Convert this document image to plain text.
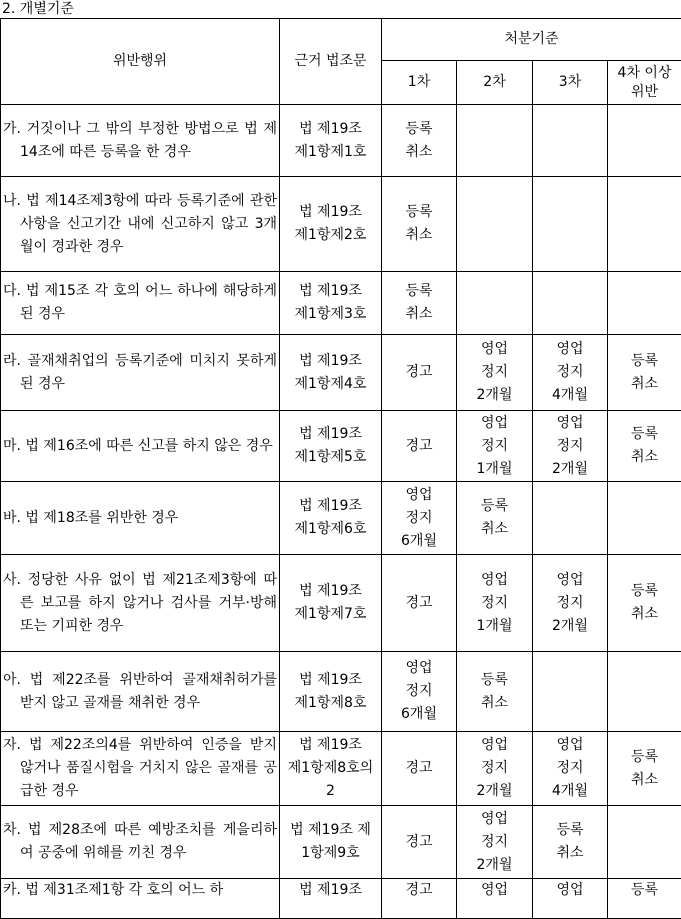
2. 개별기준
위반행위	근거 법조문	처분기준			
		1차	2차	3차	4차 이상
위반

가. 거짓이나 그 밖의 부정한 방법으로 법 제14조에 따른 등록을 한 경우	법 제19조
제1항제1호	등록
취소			

나. 법 제14조제3항에 따라 등록기준에 관한 사항을 신고기간 내에 신고하지 않고 3개월이 경과한 경우	법 제19조
제1항제2호	등록
취소			

다. 법 제15조 각 호의 어느 하나에 해당하게 된 경우	법 제19조
제1항제3호	등록
취소			

라. 골재채취업의 등록기준에 미치지 못하게 된 경우	법 제19조
제1항제4호	경고	영업
정지
2개월	영업
정지
4개월	등록
취소

마. 법 제16조에 따른 신고를 하지 않은 경우	법 제19조
제1항제5호	경고	영업
정지
1개월	영업
정지
2개월	등록
취소

바. 법 제18조를 위반한 경우	법 제19조
제1항제6호	영업
정지
6개월	등록
취소		

사. 정당한 사유 없이 법 제21조제3항에 따른 보고를 하지 않거나 검사를 거부·방해 또는 기피한 경우	법 제19조
제1항제7호	경고	영업
정지
1개월	영업
정지
2개월	등록
취소

아. 법 제22조를 위반하여 골재채취허가를 받지 않고 골재를 채취한 경우	법 제19조
제1항제8호	영업
정지
6개월	등록
취소		

자. 법 제22조의4를 위반하여 인증을 받지 않거나 품질시험을 거치지 않은 골재를 공급한 경우	법 제19조
제1항제8호의
2	경고	영업
정지
2개월	영업
정지
4개월	등록
취소

차. 법 제28조에 따른 예방조치를 게을리하여 공중에 위해를 끼친 경우	법 제19조 제
1항제9호	경고	영업
정지
2개월	등록
취소	

카. 법 제31조제1항 각 호의 어느 하	법 제19조	경고	영업	영업	등록
